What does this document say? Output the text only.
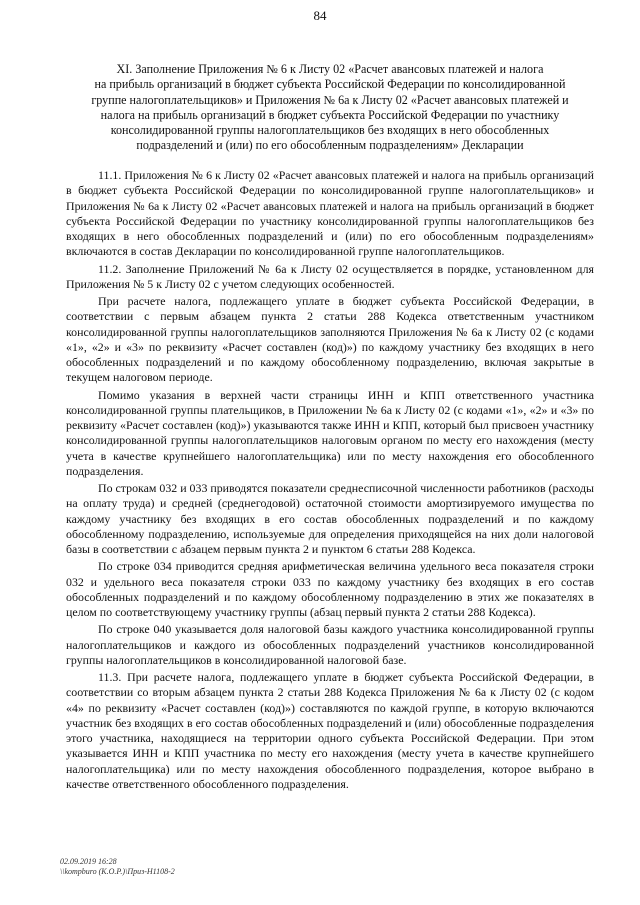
84

XI. Заполнение Приложения № 6 к Листу 02 «Расчет авансовых платежей и налога

на прибыль организаций в бюджет субъекта Российской Федерации по консолидированной

группе налогоплательщиков» и Приложения № 6а к Листу 02 «Расчет авансовых платежей и

налога на прибыль организаций в бюджет субъекта Российской Федерации по участнику

консолидированной группы налогоплательщиков без входящих в него обособленных

подразделений и (или) по его обособленным подразделениям» Декларации

11.1. Приложения № 6 к Листу 02 «Расчет авансовых платежей и налога на прибыль организаций в бюджет субъекта Российской Федерации по консолидированной группе налогоплательщиков» и Приложения № 6а к Листу 02 «Расчет авансовых платежей и налога на прибыль организаций в бюджет субъекта Российской Федерации по участнику консолидированной группы налогоплательщиков без входящих в него обособленных подразделений и (или) по его обособленным подразделениям» включаются в состав Декларации по консолидированной группе налогоплательщиков.

11.2. Заполнение Приложений № 6а к Листу 02 осуществляется в порядке, установленном для Приложения № 5 к Листу 02 с учетом следующих особенностей.

При расчете налога, подлежащего уплате в бюджет субъекта Российской Федерации, в соответствии с первым абзацем пункта 2 статьи 288 Кодекса ответственным участником консолидированной группы налогоплательщиков заполняются Приложения № 6а к Листу 02 (с кодами «1», «2» и «3» по реквизиту «Расчет составлен (код)») по каждому участнику без входящих в него обособленных подразделений и по каждому обособленному подразделению, включая закрытые в текущем налоговом периоде.

Помимо указания в верхней части страницы ИНН и КПП ответственного участника консолидированной группы плательщиков, в Приложении № 6а к Листу 02 (с кодами «1», «2» и «3» по реквизиту «Расчет составлен (код)») указываются также ИНН и КПП, который был присвоен участнику консолидированной группы налогоплательщиков налоговым органом по месту его нахождения (месту учета в качестве крупнейшего налогоплательщика) или по месту нахождения его обособленного подразделения.

По строкам 032 и 033 приводятся показатели среднесписочной численности работников (расходы на оплату труда) и средней (среднегодовой) остаточной стоимости амортизируемого имущества по каждому участнику без входящих в его состав обособленных подразделений и по каждому обособленному подразделению, используемые для определения приходящейся на них доли налоговой базы в соответствии с абзацем первым пункта 2 и пунктом 6 статьи 288 Кодекса.

По строке 034 приводится средняя арифметическая величина удельного веса показателя строки 032 и удельного веса показателя строки 033 по каждому участнику без входящих в его состав обособленных подразделений и по каждому обособленному подразделению в этих же показателях в целом по соответствующему участнику группы (абзац первый пункта 2 статьи 288 Кодекса).

По строке 040 указывается доля налоговой базы каждого участника консолидированной группы налогоплательщиков и каждого из обособленных подразделений участников консолидированной группы налогоплательщиков в консолидированной налоговой базе.

11.3. При расчете налога, подлежащего уплате в бюджет субъекта Российской Федерации, в соответствии со вторым абзацем пункта 2 статьи 288 Кодекса Приложения № 6а к Листу 02 (с кодом «4» по реквизиту «Расчет составлен (код)») составляются по каждой группе, в которую включаются участник без входящих в его состав обособленных подразделений и (или) обособленные подразделения этого участника, находящиеся на территории одного субъекта Российской Федерации. При этом указывается ИНН и КПП участника по месту его нахождения (месту учета в качестве крупнейшего налогоплательщика) или по месту нахождения обособленного подразделения, которое выбрано в качестве ответственного обособленного подразделения.

02.09.2019 16:28
\\kompburo (К.О.Р.)\Приз-Н1108-2
